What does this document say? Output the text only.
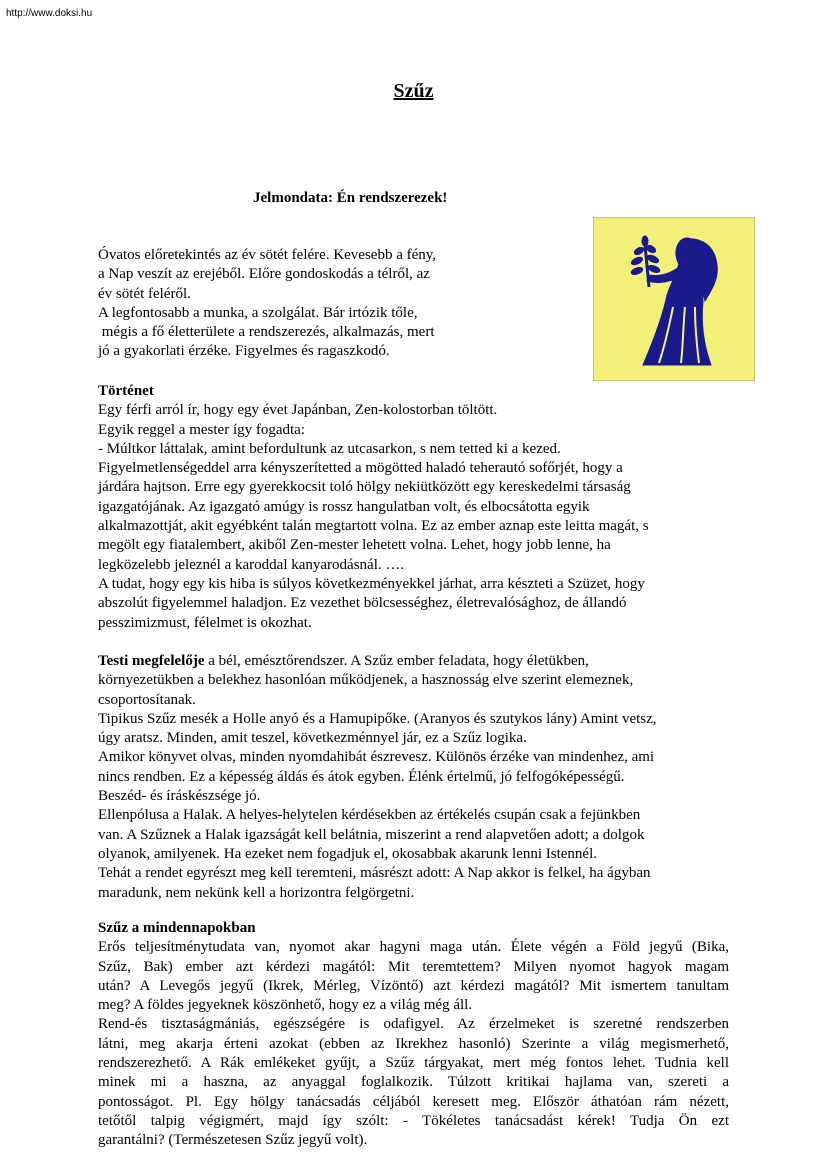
http://www.doksi.hu
Szűz
Jelmondata: Én rendszerezek!
Óvatos előretekintés az év sötét felére. Kevesebb a fény,
a Nap veszít az erejéből. Előre gondoskodás a télről, az
év sötét feléről.
A legfontosabb a munka, a szolgálat. Bár irtózik tőle,
mégis a fő életterülete a rendszerezés, alkalmazás, mert
jó a gyakorlati érzéke. Figyelmes és ragaszkodó.
Történet
Egy férfi arról ír, hogy egy évet Japánban, Zen-kolostorban töltött.
Egyik reggel a mester így fogadta:
- Múltkor láttalak, amint befordultunk az utcasarkon, s nem tetted ki a kezed.
Figyelmetlenségeddel arra kényszerítetted a mögötted haladó teherautó sofőrjét, hogy a
járdára hajtson. Erre egy gyerekkocsit toló hölgy nekiütközött egy kereskedelmi társaság
igazgatójának. Az igazgató amúgy is rossz hangulatban volt, és elbocsátotta egyik
alkalmazottját, akit egyébként talán megtartott volna. Ez az ember aznap este leitta magát, s
megölt egy fiatalembert, akiből Zen-mester lehetett volna. Lehet, hogy jobb lenne, ha
legközelebb jeleznél a karoddal kanyarodásnál. ….
A tudat, hogy egy kis hiba is súlyos következményekkel járhat, arra készteti a Szüzet, hogy
abszolút figyelemmel haladjon. Ez vezethet bölcsességhez, életrevalósághoz, de állandó
pesszimizmust, félelmet is okozhat.
Testi megfelelője a bél, emésztőrendszer. A Szűz ember feladata, hogy életükben,
környezetükben a belekhez hasonlóan működjenek, a hasznosság elve szerint elemeznek,
csoportosítanak.
Tipikus Szűz mesék a Holle anyó és a Hamupipőke. (Aranyos és szutykos lány) Amint vetsz,
úgy aratsz. Minden, amit teszel, következménnyel jár, ez a Szűz logika.
Amikor könyvet olvas, minden nyomdahibát észrevesz. Különös érzéke van mindenhez, ami
nincs rendben. Ez a képesség áldás és átok egyben. Élénk értelmű, jó felfogóképességű.
Beszéd- és íráskészsége jó.
Ellenpólusa a Halak. A helyes-helytelen kérdésekben az értékelés csupán csak a fejünkben
van. A Szűznek a Halak igazságát kell belátnia, miszerint a rend alapvetően adott; a dolgok
olyanok, amilyenek. Ha ezeket nem fogadjuk el, okosabbak akarunk lenni Istennél.
Tehát a rendet egyrészt meg kell teremteni, másrészt adott: A Nap akkor is felkel, ha ágyban
maradunk, nem nekünk kell a horizontra felgörgetni.
Szűz a mindennapokban
Erős teljesítménytudata van, nyomot akar hagyni maga után. Élete végén a Föld jegyű (Bika,
Szűz, Bak) ember azt kérdezi magától: Mit teremtettem? Milyen nyomot hagyok magam
után? A Levegős jegyű (Ikrek, Mérleg, Vízöntő) azt kérdezi magától? Mit ismertem tanultam
meg? A földes jegyeknek köszönhető, hogy ez a világ még áll.
Rend-és tisztaságmániás, egészségére is odafigyel. Az érzelmeket is szeretné rendszerben
látni, meg akarja érteni azokat (ebben az Ikrekhez hasonló) Szerinte a világ megismerhető,
rendszerezhető. A Rák emlékeket gyűjt, a Szűz tárgyakat, mert még fontos lehet. Tudnia kell
minek mi a haszna, az anyaggal foglalkozik. Túlzott kritikai hajlama van, szereti a
pontosságot. Pl. Egy hölgy tanácsadás céljából keresett meg. Először áthatóan rám nézett,
tetőtől talpig végigmért, majd így szólt: - Tökéletes tanácsadást kérek! Tudja Ön ezt
garantálni? (Természetesen Szűz jegyű volt).
